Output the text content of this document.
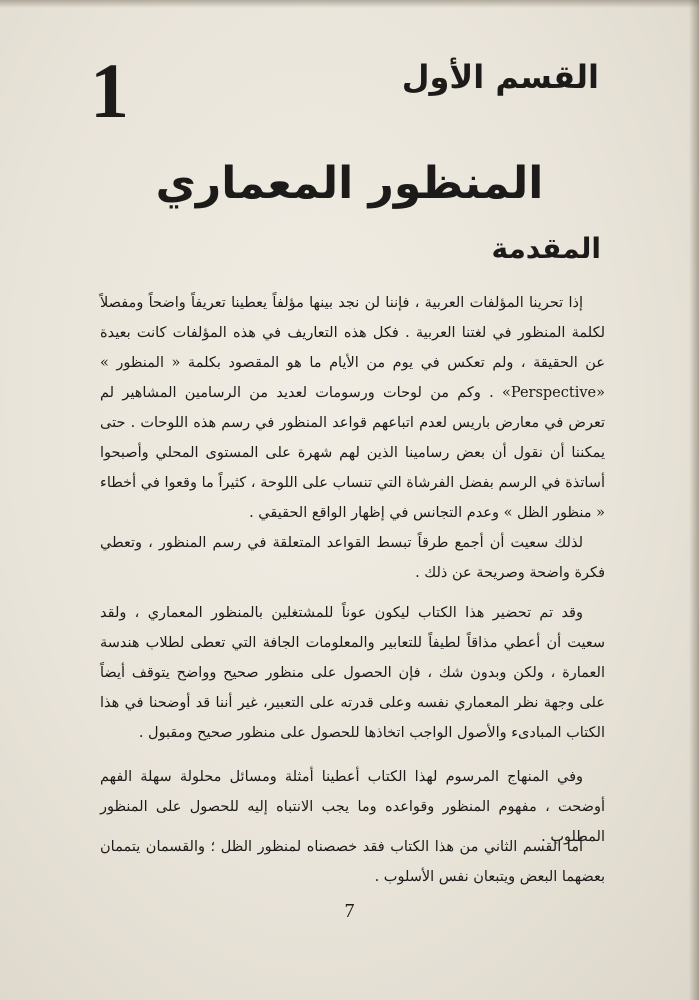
1	القسم الأول
المنظور المعماري
المقدمة

إذا تحرينا المؤلفات العربية ، فإننا لن نجد بينها مؤلفاً يعطينا تعريفاً واضحاً ومفصلاً لكلمة المنظور في لغتنا العربية . فكل هذه التعاريف في هذه المؤلفات كانت بعيدة عن الحقيقة ، ولم تعكس في يوم من الأيام ما هو المقصود بكلمة « المنظور » «Perspective» . وكم من لوحات ورسومات لعديد من الرسامين المشاهير لم تعرض في معارض باريس لعدم اتباعهم قواعد المنظور في رسم هذه اللوحات . حتى يمكننا أن نقول أن بعض رسامينا الذين لهم شهرة على المستوى المحلي وأصبحوا أساتذة في الرسم بفضل الفرشاة التي تنساب على اللوحة ، كثيراً ما وقعوا في أخطاء « منظور الظل » وعدم التجانس في إظهار الواقع الحقيقي .

لذلك سعيت أن أجمع طرقاً تبسط القواعد المتعلقة في رسم المنظور ، وتعطي فكرة واضحة وصريحة عن ذلك .

وقد تم تحضير هذا الكتاب ليكون عوناً للمشتغلين بالمنظور المعماري ، ولقد سعيت أن أعطي مذاقاً لطيفاً للتعابير والمعلومات الجافة التي تعطى لطلاب هندسة العمارة ، ولكن وبدون شك ، فإن الحصول على منظور صحيح وواضح يتوقف أيضاً على وجهة نظر المعماري نفسه وعلى قدرته على التعبير، غير أننا قد أوضحنا في هذا الكتاب المبادىء والأصول الواجب اتخاذها للحصول على منظور صحيح ومقبول .

وفي المنهاج المرسوم لهذا الكتاب أعطينا أمثلة ومسائل محلولة سهلة الفهم أوضحت ، مفهوم المنظور وقواعده وما يجب الانتباه إليه للحصول على المنظور المطلوب .

أما القسم الثاني من هذا الكتاب فقد خصصناه لمنظور الظل ؛ والقسمان يتممان بعضهما البعض ويتبعان نفس الأسلوب .

7
